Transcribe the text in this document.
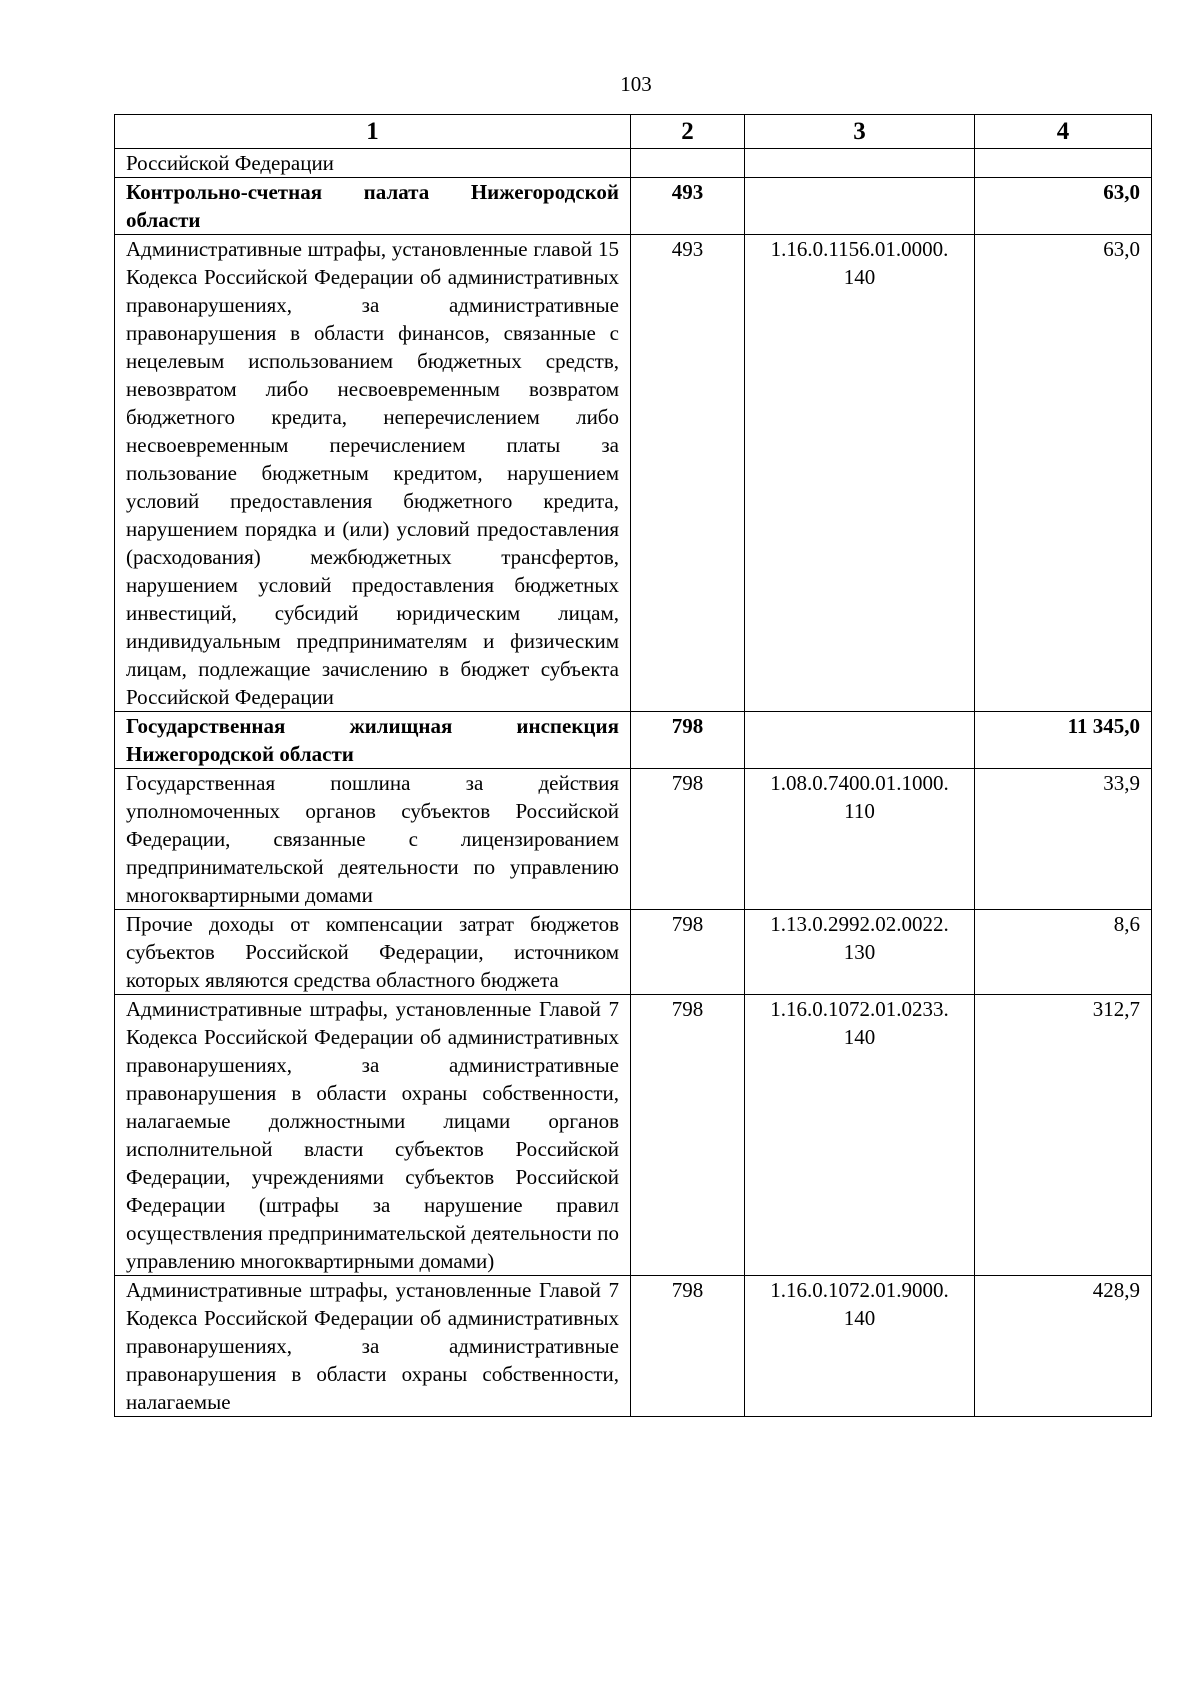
103
1	2	3	4
Российской Федерации			
Контрольно-счетная палата Нижегородской области	493		63,0
Административные штрафы, установленные главой 15 Кодекса Российской Федерации об административных правонарушениях, за административные правонарушения в области финансов, связанные с нецелевым использованием бюджетных средств, невозвратом либо несвоевременным возвратом бюджетного кредита, неперечислением либо несвоевременным перечислением платы за пользование бюджетным кредитом, нарушением условий предоставления бюджетного кредита, нарушением порядка и (или) условий предоставления (расходования) межбюджетных трансфертов, нарушением условий предоставления бюджетных инвестиций, субсидий юридическим лицам, индивидуальным предпринимателям и физическим лицам, подлежащие зачислению в бюджет субъекта Российской Федерации	493	1.16.0.1156.01.0000. 140	63,0
Государственная жилищная инспекция Нижегородской области	798		11 345,0
Государственная пошлина за действия уполномоченных органов субъектов Российской Федерации, связанные с лицензированием предпринимательской деятельности по управлению многоквартирными домами	798	1.08.0.7400.01.1000. 110	33,9
Прочие доходы от компенсации затрат бюджетов субъектов Российской Федерации, источником которых являются средства областного бюджета	798	1.13.0.2992.02.0022. 130	8,6
Административные штрафы, установленные Главой 7 Кодекса Российской Федерации об административных правонарушениях, за административные правонарушения в области охраны собственности, налагаемые должностными лицами органов исполнительной власти субъектов Российской Федерации, учреждениями субъектов Российской Федерации (штрафы за нарушение правил осуществления предпринимательской деятельности по управлению многоквартирными домами)	798	1.16.0.1072.01.0233. 140	312,7
Административные штрафы, установленные Главой 7 Кодекса Российской Федерации об административных правонарушениях, за административные правонарушения в области охраны собственности, налагаемые	798	1.16.0.1072.01.9000. 140	428,9
